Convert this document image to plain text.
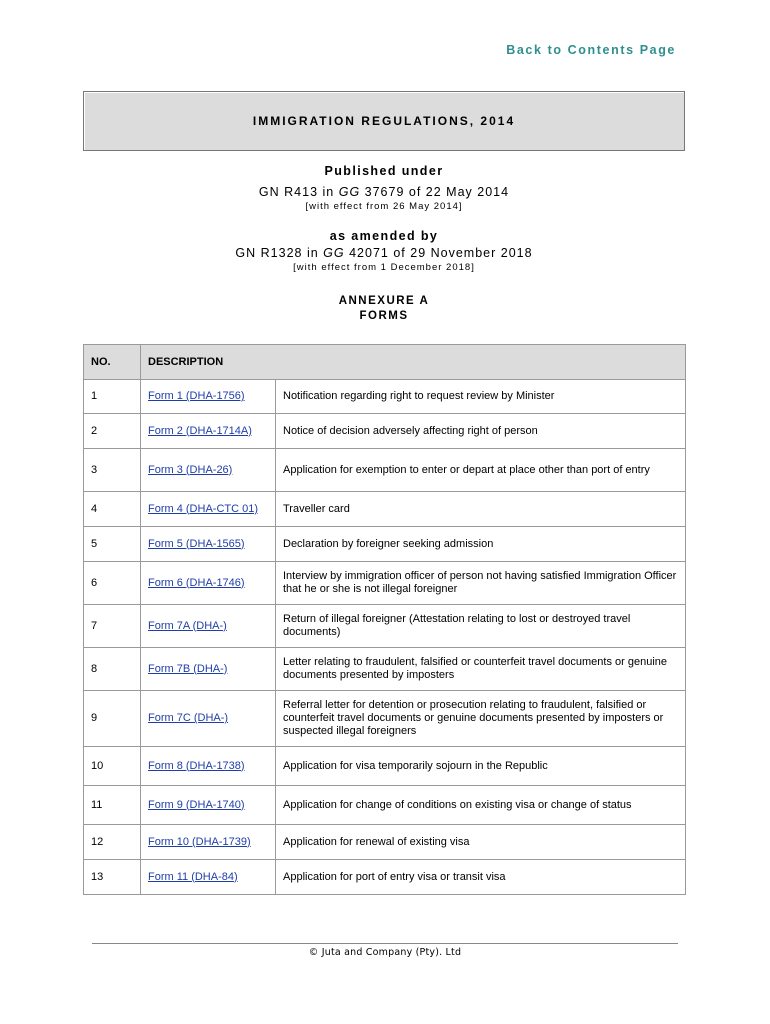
Back to Contents Page
IMMIGRATION REGULATIONS, 2014
Published under
GN R413 in GG 37679 of 22 May 2014
[with effect from 26 May 2014]
as amended by
GN R1328 in GG 42071 of 29 November 2018
[with effect from 1 December 2018]
ANNEXURE A
FORMS
NO.	DESCRIPTION	
1	Form 1 (DHA-1756)	Notification regarding right to request review by Minister
2	Form 2 (DHA-1714A)	Notice of decision adversely affecting right of person
3	Form 3 (DHA-26)	Application for exemption to enter or depart at place other than port of entry
4	Form 4 (DHA-CTC 01)	Traveller card
5	Form 5 (DHA-1565)	Declaration by foreigner seeking admission
6	Form 6 (DHA-1746)	Interview by immigration officer of person not having satisfied Immigration Officer that he or she is not illegal foreigner
7	Form 7A (DHA-)	Return of illegal foreigner (Attestation relating to lost or destroyed travel documents)
8	Form 7B (DHA-)	Letter relating to fraudulent, falsified or counterfeit travel documents or genuine documents presented by imposters
9	Form 7C (DHA-)	Referral letter for detention or prosecution relating to fraudulent, falsified or counterfeit travel documents or genuine documents presented by imposters or suspected illegal foreigners
10	Form 8 (DHA-1738)	Application for visa temporarily sojourn in the Republic
11	Form 9 (DHA-1740)	Application for change of conditions on existing visa or change of status
12	Form 10 (DHA-1739)	Application for renewal of existing visa
13	Form 11 (DHA-84)	Application for port of entry visa or transit visa
© Juta and Company (Pty). Ltd
